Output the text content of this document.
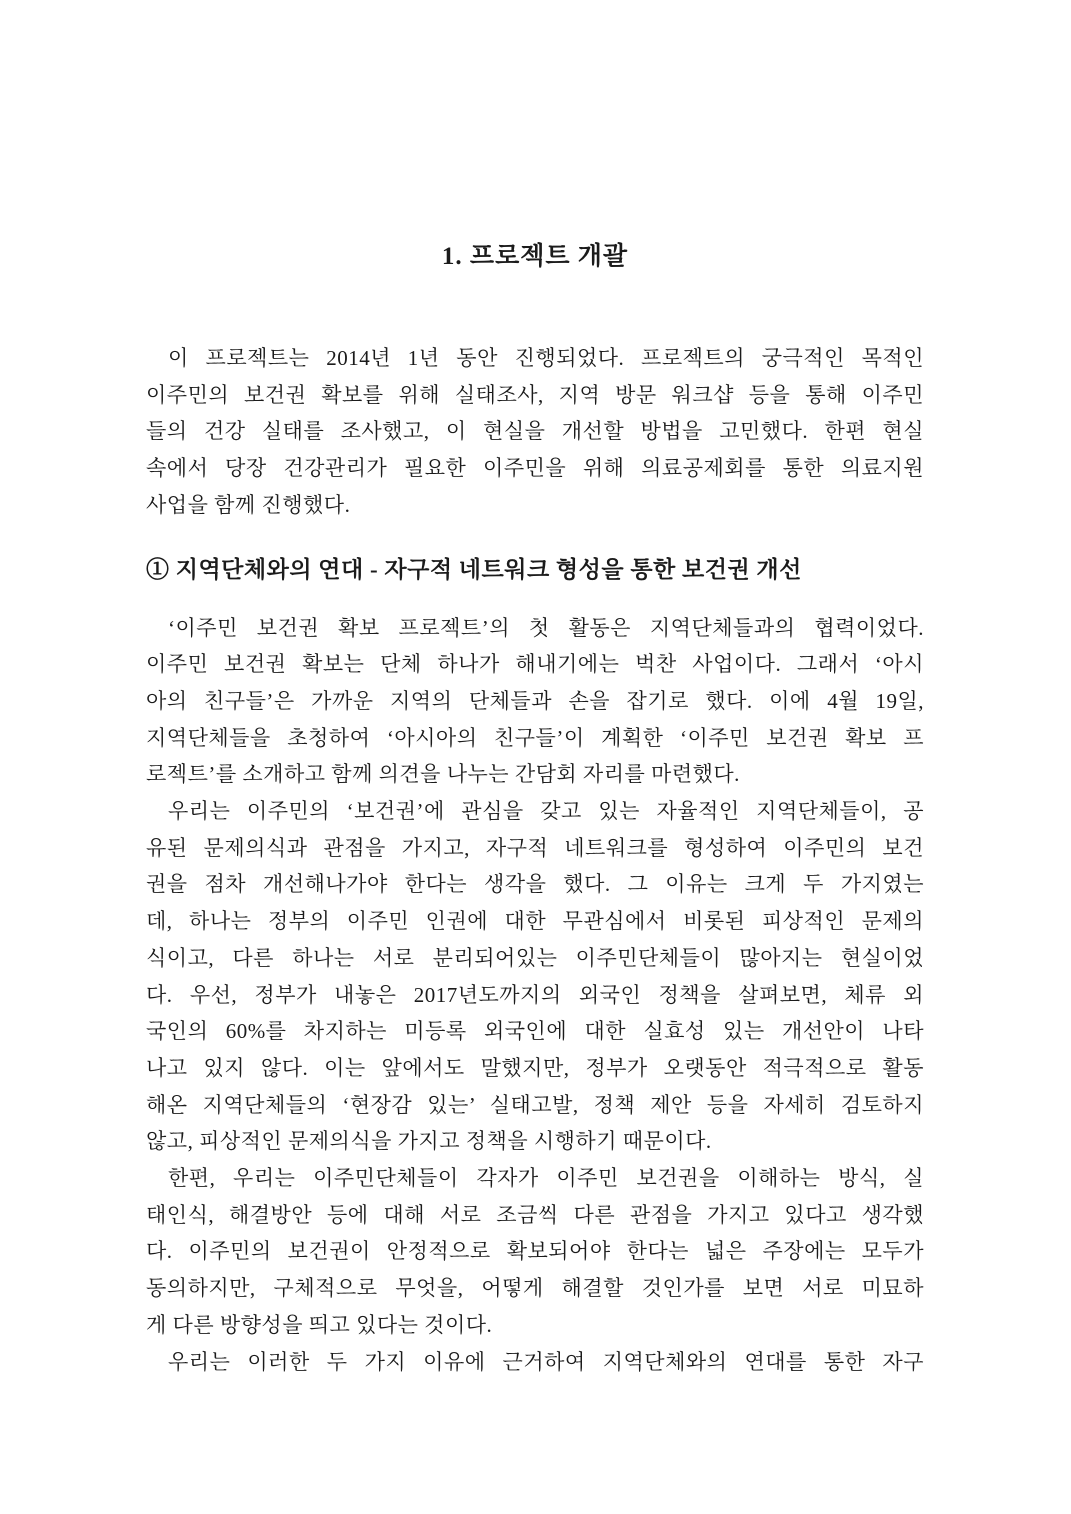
1. 프로젝트 개괄
이 프로젝트는 2014년 1년 동안 진행되었다. 프로젝트의 궁극적인 목적인
이주민의 보건권 확보를 위해 실태조사, 지역 방문 워크샵 등을 통해 이주민
들의 건강 실태를 조사했고, 이 현실을 개선할 방법을 고민했다. 한편 현실
속에서 당장 건강관리가 필요한 이주민을 위해 의료공제회를 통한 의료지원
사업을 함께 진행했다.
① 지역단체와의 연대 - 자구적 네트워크 형성을 통한 보건권 개선
‘이주민 보건권 확보 프로젝트’의 첫 활동은 지역단체들과의 협력이었다.
이주민 보건권 확보는 단체 하나가 해내기에는 벅찬 사업이다. 그래서 ‘아시
아의 친구들’은 가까운 지역의 단체들과 손을 잡기로 했다. 이에 4월 19일,
지역단체들을 초청하여 ‘아시아의 친구들’이 계획한 ‘이주민 보건권 확보 프
로젝트’를 소개하고 함께 의견을 나누는 간담회 자리를 마련했다.
우리는 이주민의 ‘보건권’에 관심을 갖고 있는 자율적인 지역단체들이, 공
유된 문제의식과 관점을 가지고, 자구적 네트워크를 형성하여 이주민의 보건
권을 점차 개선해나가야 한다는 생각을 했다. 그 이유는 크게 두 가지였는
데, 하나는 정부의 이주민 인권에 대한 무관심에서 비롯된 피상적인 문제의
식이고, 다른 하나는 서로 분리되어있는 이주민단체들이 많아지는 현실이었
다. 우선, 정부가 내놓은 2017년도까지의 외국인 정책을 살펴보면, 체류 외
국인의 60%를 차지하는 미등록 외국인에 대한 실효성 있는 개선안이 나타
나고 있지 않다. 이는 앞에서도 말했지만, 정부가 오랫동안 적극적으로 활동
해온 지역단체들의 ‘현장감 있는’ 실태고발, 정책 제안 등을 자세히 검토하지
않고, 피상적인 문제의식을 가지고 정책을 시행하기 때문이다.
한편, 우리는 이주민단체들이 각자가 이주민 보건권을 이해하는 방식, 실
태인식, 해결방안 등에 대해 서로 조금씩 다른 관점을 가지고 있다고 생각했
다. 이주민의 보건권이 안정적으로 확보되어야 한다는 넓은 주장에는 모두가
동의하지만, 구체적으로 무엇을, 어떻게 해결할 것인가를 보면 서로 미묘하
게 다른 방향성을 띄고 있다는 것이다.
우리는 이러한 두 가지 이유에 근거하여 지역단체와의 연대를 통한 자구
